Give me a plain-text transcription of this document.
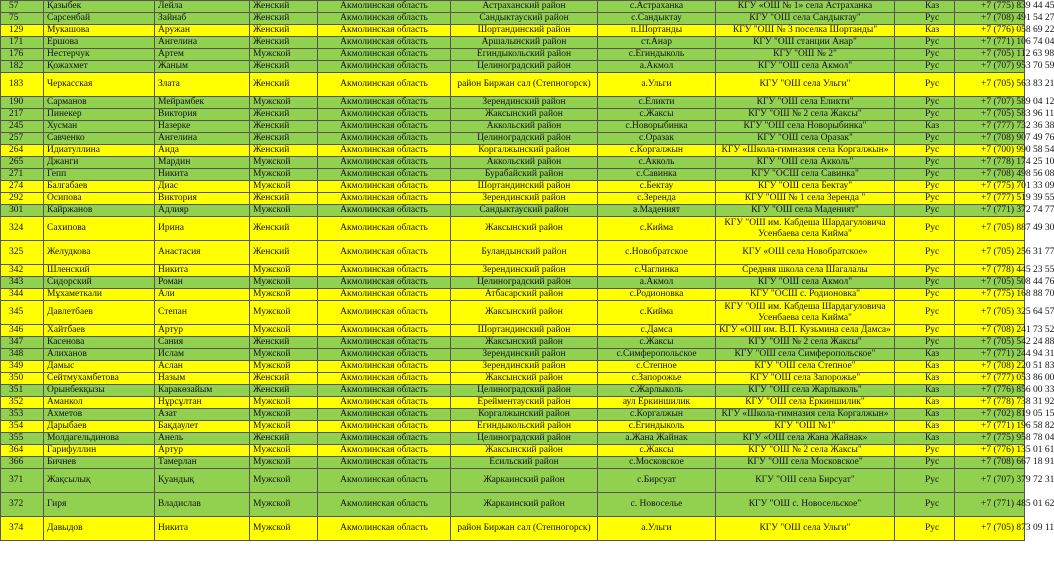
57	Қазыбек	Лейла	Женский	Акмолинская область	Астраханский район	с.Астраханка	КГУ «ОШ № 1» села Астраханка	Каз	+7 (775) 839 44 45
75	Сарсенбай	Зайнаб	Женский	Акмолинская область	Сандыктауский район	с.Сандыктау	КГУ "ОШ села Сандыктау"	Рус	+7 (708) 491 54 27
129	Мукашова	Аружан	Женский	Акмолинская область	Шортандинский район	п.Шортанды	КГУ "ОШ № 3 поселка Шортанды"	Каз	+7 (776) 058 69 22
171	Ершова	Ангелина	Женский	Акмолинская область	Аршалынский район	ст.Анар	КГУ "ОШ станции Анар"	Рус	+7 (771) 106 74 04
176	Нестерчук	Артем	Мужской	Акмолинская область	Егиндыкольский район	с.Егиндыколь	КГУ "ОШ № 2"	Рус	+7 (705) 112 63 98
182	Қожахмет	Жаным	Женский	Акмолинская область	Целиноградский район	а.Акмол	КГУ "ОШ села Акмол"	Рус	+7 (707) 953 70 59
183	Черкасская	Злата	Женский	Акмолинская область	район Биржан сал (Степногорск)	а.Ульги	КГУ "ОШ села Ульги"	Рус	+7 (705) 563 83 21
190	Сарманов	Мейрамбек	Мужской	Акмолинская область	Зерендинский район	с.Еликти	КГУ "ОШ села Еликти"	Рус	+7 (707) 589 04 12
217	Пинекер	Виктория	Женский	Акмолинская область	Жаксынский район	с.Жаксы	КГУ "ОШ № 2 села Жаксы"	Рус	+7 (705) 583 96 11
245	Хусман	Назерке	Женский	Акмолинская область	Аккольский район	с.Новорыбинка	КГУ "ОШ села Новорыбинка"	Каз	+7 (777) 732 36 38
257	Савченко	Ангелина	Женский	Акмолинская область	Целиноградский район	с.Оразак	КГУ "ОШ села Оразак"	Рус	+7 (708) 907 49 76
264	Идиатуллина	Аида	Женский	Акмолинская область	Коргалжынский район	с.Коргалжын	КГУ «Школа-гимназия села Коргалжын»	Рус	+7 (700) 990 58 54
265	Джанги	Мардин	Мужской	Акмолинская область	Аккольский район	с.Акколь	КГУ "ОШ села Акколь"	Рус	+7 (778) 174 25 10
271	Гепп	Никита	Мужской	Акмолинская область	Бурабайский район	с.Савинка	КГУ "ОСШ села Савинка"	Рус	+7 (708) 498 56 08
274	Балгабаев	Диас	Мужской	Акмолинская область	Шортандинский район	с.Бектау	КГУ "ОШ села Бектау"	Рус	+7 (775) 701 33 09
292	Осипова	Виктория	Женский	Акмолинская область	Зерендинский район	с.Зеренда	КГУ "ОШ № 1 села Зеренда "	Рус	+7 (777) 519 39 55
301	Кайржанов	Адлияр	Мужской	Акмолинская область	Сандыктауский район	а.Маденият	КГУ "ОШ села Маденият"	Рус	+7 (771) 372 74 77
324	Сахипова	Ирина	Женский	Акмолинская область	Жаксынский район	с.Кийма	КГУ "ОШ им. Кабдеша Шардагуловича Усенбаева села Кийма"	Рус	+7 (705) 887 49 30
325	Желудкова	Анастасия	Женский	Акмолинская область	Буландынский район	с.Новобратское	КГУ «ОШ села Новобратское»	Рус	+7 (705) 256 31 77
342	Шленский	Никита	Мужской	Акмолинская область	Зерендинский район	с.Чаглинка	Средняя школа села Шагалалы	Рус	+7 (778) 445 23 55
343	Сидорский	Роман	Мужской	Акмолинская область	Целиноградский район	а.Акмол	КГУ "ОШ села Акмол"	Рус	+7 (705) 508 44 76
344	Мұхаметкали	Али	Мужской	Акмолинская область	Атбасарский район	с.Родионовка	КГУ "ОСШ с. Родионовка"	Рус	+7 (775) 168 88 70
345	Давлетбаев	Степан	Мужской	Акмолинская область	Жаксынский район	с.Кийма	КГУ "ОШ им. Кабдеша Шардагуловича Усенбаева села Кийма"	Рус	+7 (705) 325 64 57
346	Хайтбаев	Артур	Мужской	Акмолинская область	Шортандинский район	с.Дамса	КГУ «ОШ им. В.П. Кузьмина села Дамса»	Рус	+7 (708) 241 73 52
347	Касенова	Сания	Женский	Акмолинская область	Жаксынский район	с.Жаксы	КГУ "ОШ № 2 села Жаксы"	Рус	+7 (705) 542 24 88
348	Алиханов	Ислам	Мужской	Акмолинская область	Зерендинский район	с.Симферопольское	КГУ "ОШ села Симферопольское"	Каз	+7 (771) 244 94 31
349	Дамыс	Аслан	Мужской	Акмолинская область	Зерендинский район	с.Степное	КГУ "ОШ села Степное"	Каз	+7 (708) 220 51 83
350	Сейтмухамбетова	Назым	Женский	Акмолинская область	Жаксынский район	с.Запорожье	КГУ "ОШ села Запорожье"	Каз	+7 (777) 053 86 00
351	Орынбекқызы	Каракөзайым	Женский	Акмолинская область	Целиноградский район	с.Жарлыколь	КГУ "ОШ села Жарлыколь"	Каз	+7 (776) 856 00 33
352	Аманкол	Нұрсұлтан	Мужской	Акмолинская область	Ерейментауский район	аул Еркиншилик	КГУ "ОШ села Еркиншилик"	Каз	+7 (778) 738 31 92
353	Ахметов	Азат	Мужской	Акмолинская область	Коргалжынский район	с.Коргалжын	КГУ «Школа-гимназия села Коргалжын»	Каз	+7 (702) 819 05 15
354	Дарыбаев	Бақдаулет	Мужской	Акмолинская область	Егиндыкольский район	с.Егиндыколь	КГУ "ОШ №1"	Каз	+7 (771) 196 58 82
355	Молдагельдинова	Анель	Женский	Акмолинская область	Целиноградский район	а.Жана Жайнак	КГУ «ОШ села Жана Жайнак»	Каз	+7 (775) 958 78 04
364	Гарифуллин	Артур	Мужской	Акмолинская область	Жаксынский район	с.Жаксы	КГУ "ОШ № 2 села Жаксы"	Рус	+7 (776) 135 01 61
366	Бичнев	Тамерлан	Мужской	Акмолинская область	Есильский район	с.Московское	КГУ "ОШ села Московское"	Рус	+7 (708) 667 18 91
371	Жақсылық	Қуандық	Мужской	Акмолинская область	Жаркаинский район	с.Бирсуат	КГУ "ОШ села Бирсуат"	Рус	+7 (707) 379 72 31
372	Гиря	Владислав	Мужской	Акмолинская область	Жаркаинский район	с. Новоселье	КГУ "ОШ с. Новосельское"	Рус	+7 (771) 485 01 62
374	Давыдов	Никита	Мужской	Акмолинская область	район Биржан сал (Степногорск)	а.Ульги	КГУ "ОШ села Ульги"	Рус	+7 (705) 873 09 11
